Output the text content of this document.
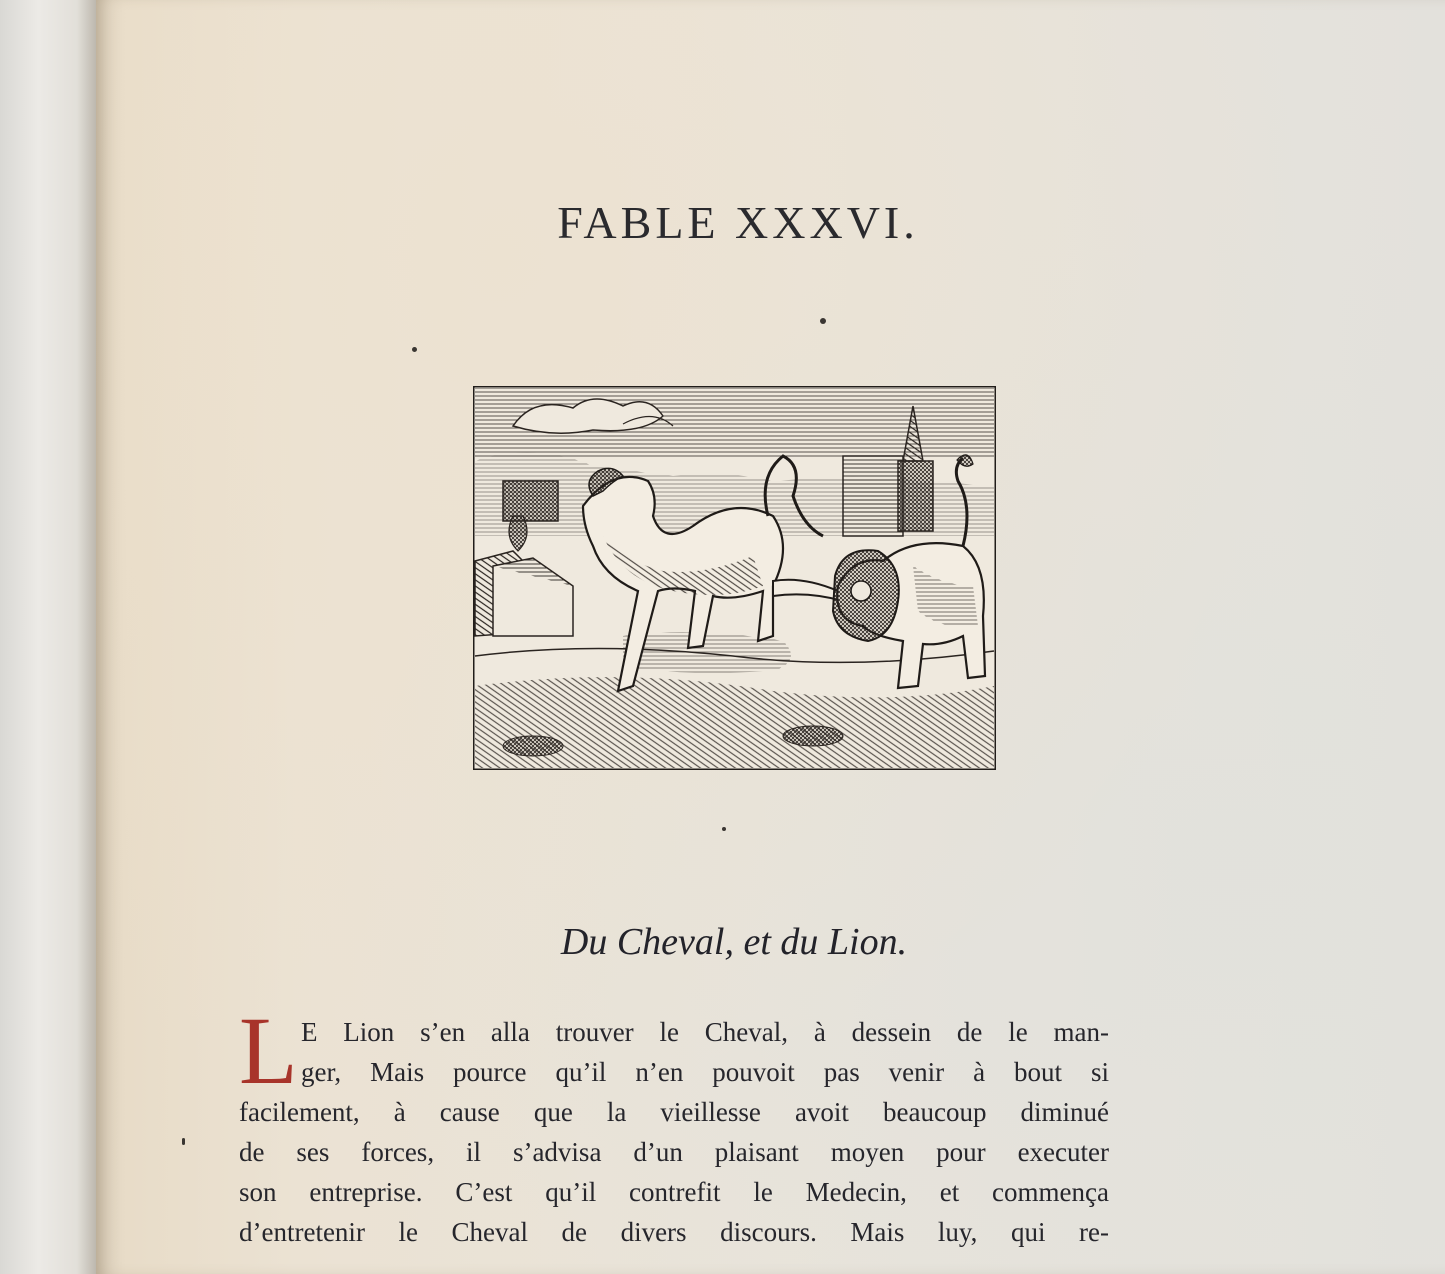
FABLE XXXVI.
Du Cheval, et du Lion.
L E Lion s’en alla trouver le Cheval, à dessein de le man-
ger, Mais pource qu’il n’en pouvoit pas venir à bout si
facilement, à cause que la vieillesse avoit beaucoup diminué
de ses forces, il s’advisa d’un plaisant moyen pour executer
son entreprise. C’est qu’il contrefit le Medecin, et commença
d’entretenir le Cheval de divers discours. Mais luy, qui re-
